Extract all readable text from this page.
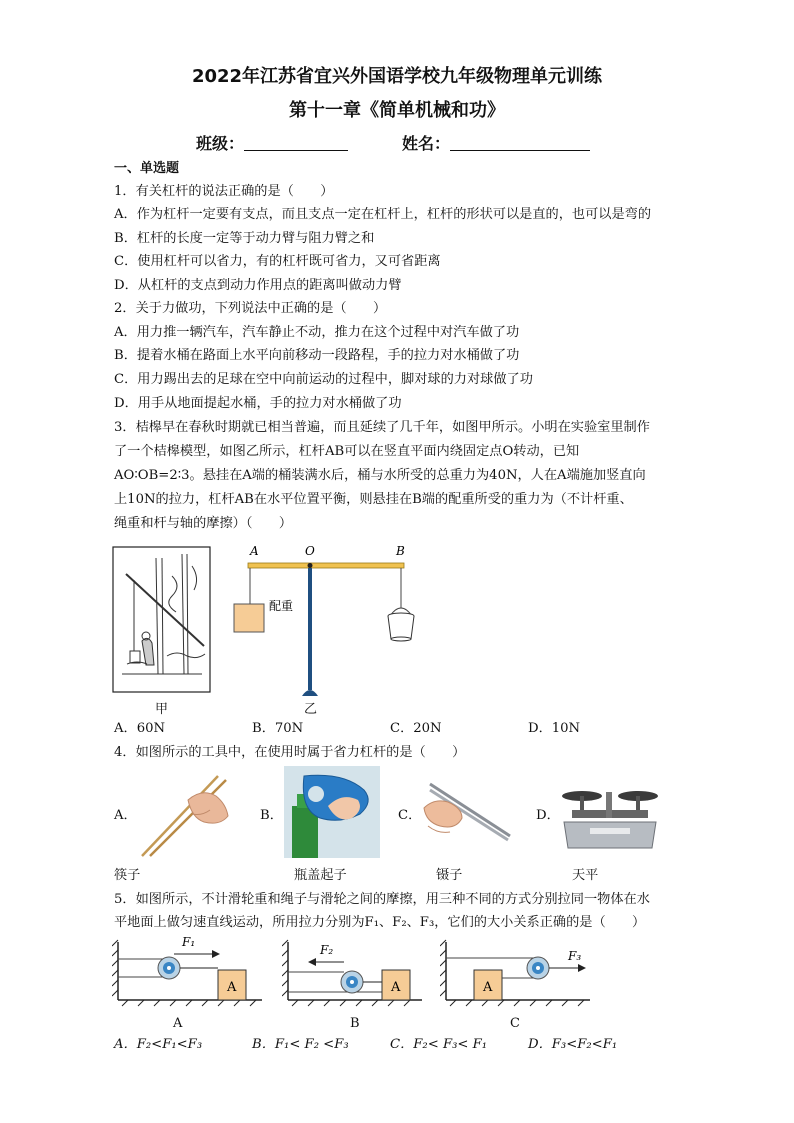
2022年江苏省宜兴外国语学校九年级物理单元训练
第十一章《简单机械和功》
班级：	姓名：
一、单选题
1．有关杠杆的说法正确的是（　　）
A．作为杠杆一定要有支点，而且支点一定在杠杆上，杠杆的形状可以是直的，也可以是弯的
B．杠杆的长度一定等于动力臂与阻力臂之和
C．使用杠杆可以省力，有的杠杆既可省力，又可省距离
D．从杠杆的支点到动力作用点的距离叫做动力臂
2．关于力做功，下列说法中正确的是（　　）
A．用力推一辆汽车，汽车静止不动，推力在这个过程中对汽车做了功
B．提着水桶在路面上水平向前移动一段路程，手的拉力对水桶做了功
C．用力踢出去的足球在空中向前运动的过程中，脚对球的力对球做了功
D．用手从地面提起水桶，手的拉力对水桶做了功
3．桔槔早在春秋时期就已相当普遍，而且延续了几千年，如图甲所示。小明在实验室里制作
了一个桔槔模型，如图乙所示，杠杆AB可以在竖直平面内绕固定点O转动，已知
AO∶OB=2∶3。悬挂在A端的桶装满水后，桶与水所受的总重力为40N，人在A端施加竖直向
上10N的拉力，杠杆AB在水平位置平衡，则悬挂在B端的配重所受的重力为（不计杆重、
绳重和杆与轴的摩擦）（　　）
甲
A	O	B
配重
乙
A．60N	B．70N	C．20N	D．10N
4．如图所示的工具中，在使用时属于省力杠杆的是（　　）
A．	B．	C．	D．
筷子	瓶盖起子	镊子	天平
5．如图所示，不计滑轮重和绳子与滑轮之间的摩擦，用三种不同的方式分别拉同一物体在水
平地面上做匀速直线运动，所用拉力分别为F₁、F₂、F₃，它们的大小关系正确的是（　　）
A
F₁
A
A
F₂
B
A
F₃
C
A．F₂<F₁<F₃	B．F₁< F₂ <F₃	C．F₂< F₃< F₁	D．F₃<F₂<F₁
